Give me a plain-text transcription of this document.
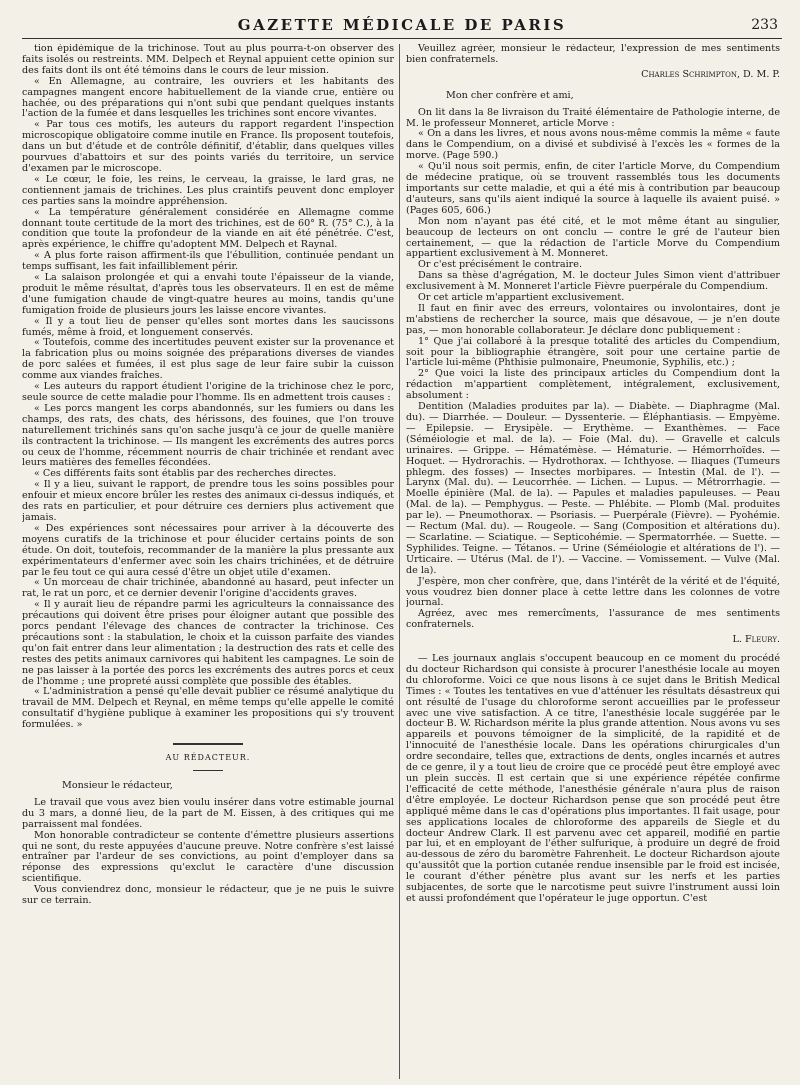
GAZETTE MÉDICALE DE PARIS	233

tion épidémique de la trichinose. Tout au plus pourra-t-on observer des faits isolés ou restreints. MM. Delpech et Reynal appuient cette opinion sur des faits dont ils ont été témoins dans le cours de leur mission.

« En Allemagne, au contraire, les ouvriers et les habitants des campagnes mangent encore habituellement de la viande crue, entière ou hachée, ou des préparations qui n'ont subi que pendant quelques instants l'action de la fumée et dans lesquelles les trichines sont encore vivantes.

« Par tous ces motifs, les auteurs du rapport regardent l'inspection microscopique obligatoire comme inutile en France. Ils proposent toutefois, dans un but d'étude et de contrôle définitif, d'établir, dans quelques villes pourvues d'abattoirs et sur des points variés du territoire, un service d'examen par le microscope.

« Le cœur, le foie, les reins, le cerveau, la graisse, le lard gras, ne contiennent jamais de trichines. Les plus craintifs peuvent donc employer ces parties sans la moindre appréhension.

« La température généralement considérée en Allemagne comme donnant toute certitude de la mort des trichines, est de 60° R. (75° C.), à la condition que toute la profondeur de la viande en ait été pénétrée. C'est, après expérience, le chiffre qu'adoptent MM. Delpech et Raynal.

« A plus forte raison affirment-ils que l'ébullition, continuée pendant un temps suffisant, les fait infailliblement périr.

« La salaison prolongée et qui a envahi toute l'épaisseur de la viande, produit le même résultat, d'après tous les observateurs. Il en est de même d'une fumigation chaude de vingt-quatre heures au moins, tandis qu'une fumigation froide de plusieurs jours les laisse encore vivantes.

« Il y a tout lieu de penser qu'elles sont mortes dans les saucissons fumés, même à froid, et longuement conservés.

« Toutefois, comme des incertitudes peuvent exister sur la provenance et la fabrication plus ou moins soignée des préparations diverses de viandes de porc salées et fumées, il est plus sage de leur faire subir la cuisson comme aux viandes fraîches.

« Les auteurs du rapport étudient l'origine de la trichinose chez le porc, seule source de cette maladie pour l'homme. Ils en admettent trois causes :

« Les porcs mangent les corps abandonnés, sur les fumiers ou dans les champs, des rats, des chats, des hérissons, des fouines, que l'on trouve naturellement trichinés sans qu'on sache jusqu'à ce jour de quelle manière ils contractent la trichinose. — Ils mangent les excréments des autres porcs ou ceux de l'homme, récemment nourris de chair trichinée et rendant avec leurs matières des femelles fécondées.

« Ces différents faits sont établis par des recherches directes.

« Il y a lieu, suivant le rapport, de prendre tous les soins possibles pour enfouir et mieux encore brûler les restes des animaux ci-dessus indiqués, et des rats en particulier, et pour détruire ces derniers plus activement que jamais.

« Des expériences sont nécessaires pour arriver à la découverte des moyens curatifs de la trichinose et pour élucider certains points de son étude. On doit, toutefois, recommander de la manière la plus pressante aux expérimentateurs d'enfermer avec soin les chairs trichinées, et de détruire par le feu tout ce qui aura cessé d'être un objet utile d'examen.

« Un morceau de chair trichinée, abandonné au hasard, peut infecter un rat, le rat un porc, et ce dernier devenir l'origine d'accidents graves.

« Il y aurait lieu de répandre parmi les agriculteurs la connaissance des précautions qui doivent être prises pour éloigner autant que possible des porcs pendant l'élevage des chances de contracter la trichinose. Ces précautions sont : la stabulation, le choix et la cuisson parfaite des viandes qu'on fait entrer dans leur alimentation ; la destruction des rats et celle des restes des petits animaux carnivores qui habitent les campagnes. Le soin de ne pas laisser à la portée des porcs les excréments des autres porcs et ceux de l'homme ; une propreté aussi complète que possible des étables.

« L'administration a pensé qu'elle devait publier ce résumé analytique du travail de MM. Delpech et Reynal, en même temps qu'elle appelle le comité consultatif d'hygiène publique à examiner les propositions qui s'y trouvent formulées. »

AU RÉDACTEUR.

Monsieur le rédacteur,

Le travail que vous avez bien voulu insérer dans votre estimable journal du 3 mars, a donné lieu, de la part de M. Eissen, à des critiques qui me parraissent mal fondées.

Mon honorable contradicteur se contente d'émettre plusieurs assertions qui ne sont, du reste appuyées d'aucune preuve. Notre confrère s'est laissé entraîner par l'ardeur de ses convictions, au point d'employer dans sa réponse des expressions qu'exclut le caractère d'une discussion scientifique.

Vous conviendrez donc, monsieur le rédacteur, que je ne puis le suivre sur ce terrain.

Veuillez agréer, monsieur le rédacteur, l'expression de mes sentiments bien confraternels.

Charles Schrimpton, D. M. P.

Mon cher confrère et ami,

On lit dans la 8e livraison du Traité élémentaire de Pathologie interne, de M. le professeur Monneret, article Morve :

« On a dans les livres, et nous avons nous-même commis la même « faute dans le Compendium, on a divisé et subdivisé à l'excès les « formes de la morve. (Page 590.)

« Qu'il nous soit permis, enfin, de citer l'article Morve, du Compendium de médecine pratique, où se trouvent rassemblés tous les documents importants sur cette maladie, et qui a été mis à contribution par beaucoup d'auteurs, sans qu'ils aient indiqué la source à laquelle ils avaient puisé. » (Pages 605, 606.)

Mon nom n'ayant pas été cité, et le mot même étant au singulier, beaucoup de lecteurs on ont conclu — contre le gré de l'auteur bien certainement, — que la rédaction de l'article Morve du Compendium appartient exclusivement à M. Monneret.

Or c'est précisément le contraire.

Dans sa thèse d'agrégation, M. le docteur Jules Simon vient d'attribuer exclusivement à M. Monneret l'article Fièvre puerpérale du Compendium.

Or cet article m'appartient exclusivement.

Il faut en finir avec des erreurs, volontaires ou involontaires, dont je m'abstiens de rechercher la source, mais que désavoue, — je n'en doute pas, — mon honorable collaborateur. Je déclare donc publiquement :

1° Que j'ai collaboré à la presque totalité des articles du Compendium, soit pour la bibliographie étrangère, soit pour une certaine partie de l'article lui-même (Phthisie pulmonaire, Pneumonie, Syphilis, etc.) ;

2° Que voici la liste des principaux articles du Compendium dont la rédaction m'appartient complètement, intégralement, exclusivement, absolument :

Dentition (Maladies produites par la). — Diabète. — Diaphragme (Mal. du). — Diarrhée. — Douleur. — Dyssenterie. — Éléphantiasis. — Empyème. — Epilepsie. — Erysipèle. — Erythème. — Exanthèmes. — Face (Séméiologie et mal. de la). — Foie (Mal. du). — Gravelle et calculs urinaires. — Grippe. — Hématémèse. — Hématurie. — Hémorrhoïdes. — Hoquet. — Hydrorachis. — Hydrothorax. — Ichthyose. — Iliaques (Tumeurs phlegm. des fosses) — Insectes morbipares. — Intestin (Mal. de l'). — Larynx (Mal. du). — Leucorrhée. — Lichen. — Lupus. — Métrorrhagie. — Moelle épinière (Mal. de la). — Papules et maladies papuleuses. — Peau (Mal. de la). — Pemphygus. — Peste. — Phlébite. — Plomb (Mal. produites par le). — Pneumothorax. — Psoriasis. — Puerpérale (Fièvre). — Pyohémie. — Rectum (Mal. du). — Rougeole. — Sang (Composition et altérations du). — Scarlatine. — Sciatique. — Septicohémie. — Spermatorrhée. — Suette. — Syphilides. Teigne. — Tétanos. — Urine (Séméiologie et altérations de l'). — Urticaire. — Utérus (Mal. de l'). — Vaccine. — Vomissement. — Vulve (Mal. de la).

J'espère, mon cher confrère, que, dans l'intérêt de la vérité et de l'équité, vous voudrez bien donner place à cette lettre dans les colonnes de votre journal.

Agréez, avec mes remercîments, l'assurance de mes sentiments confraternels.

L. Fleury.

— Les journaux anglais s'occupent beaucoup en ce moment du procédé du docteur Richardson qui consiste à procurer l'anesthésie locale au moyen du chloroforme. Voici ce que nous lisons à ce sujet dans le British Medical Times : « Toutes les tentatives en vue d'atténuer les résultats désastreux qui ont résulté de l'usage du chloroforme seront accueillies par le professeur avec une vive satisfaction. A ce titre, l'anesthésie locale suggérée par le docteur B. W. Richardson mérite la plus grande attention. Nous avons vu ses appareils et pouvons témoigner de la simplicité, de la rapidité et de l'innocuité de l'anesthésie locale. Dans les opérations chirurgicales d'un ordre secondaire, telles que, extractions de dents, ongles incarnés et autres de ce genre, il y a tout lieu de croire que ce procédé peut être employé avec un plein succès. Il est certain que si une expérience répétée confirme l'efficacité de cette méthode, l'anesthésie générale n'aura plus de raison d'être employée. Le docteur Richardson pense que son procédé peut être appliqué même dans le cas d'opérations plus importantes. Il fait usage, pour ses applications locales de chloroforme des appareils de Siegle et du docteur Andrew Clark. Il est parvenu avec cet appareil, modifié en partie par lui, et en employant de l'éther sulfurique, à produire un degré de froid au-dessous de zéro du baromètre Fahrenheit. Le docteur Richardson ajoute qu'aussitôt que la portion cutanée rendue insensible par le froid est incisée, le courant d'éther pénètre plus avant sur les nerfs et les parties subjacentes, de sorte que le narcotisme peut suivre l'instrument aussi loin et aussi profondément que l'opérateur le juge opportun. C'est
